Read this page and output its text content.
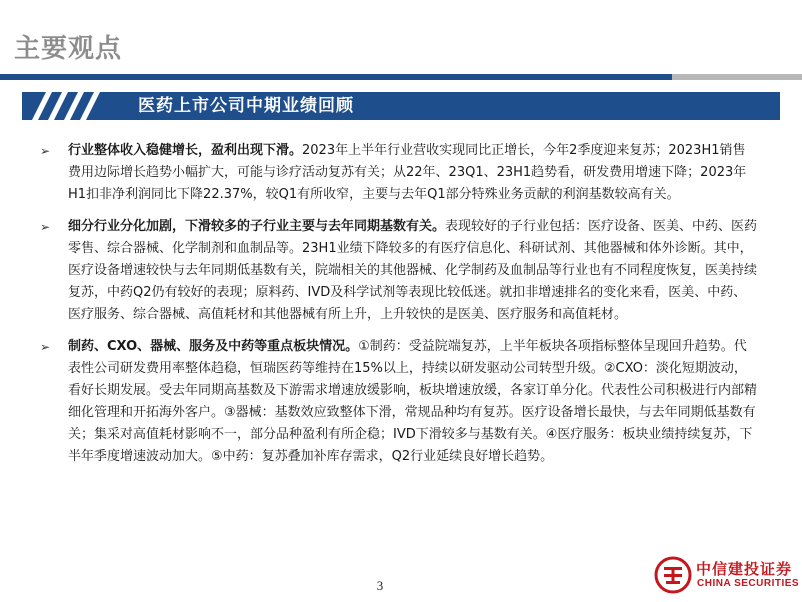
主要观点
医药上市公司中期业绩回顾
➢ 行业整体收入稳健增长，盈利出现下滑。2023年上半年行业营收实现同比正增长，今年2季度迎来复苏；2023H1销售费用边际增长趋势小幅扩大，可能与诊疗活动复苏有关；从22年、23Q1、23H1趋势看，研发费用增速下降；2023年H1扣非净利润同比下降22.37%，较Q1有所收窄，主要与去年Q1部分特殊业务贡献的利润基数较高有关。
➢ 细分行业分化加剧，下滑较多的子行业主要与去年同期基数有关。表现较好的子行业包括：医疗设备、医美、中药、医药零售、综合器械、化学制剂和血制品等。23H1业绩下降较多的有医疗信息化、科研试剂、其他器械和体外诊断。其中，医疗设备增速较快与去年同期低基数有关，院端相关的其他器械、化学制药及血制品等行业也有不同程度恢复，医美持续复苏，中药Q2仍有较好的表现；原料药、IVD及科学试剂等表现比较低迷。就扣非增速排名的变化来看，医美、中药、医疗服务、综合器械、高值耗材和其他器械有所上升，上升较快的是医美、医疗服务和高值耗材。
➢ 制药、CXO、器械、服务及中药等重点板块情况。①制药：受益院端复苏，上半年板块各项指标整体呈现回升趋势。代表性公司研发费用率整体趋稳，恒瑞医药等维持在15%以上，持续以研发驱动公司转型升级。②CXO：淡化短期波动，看好长期发展。受去年同期高基数及下游需求增速放缓影响，板块增速放缓，各家订单分化。代表性公司积极进行内部精细化管理和开拓海外客户。③器械：基数效应致整体下滑，常规品种均有复苏。医疗设备增长最快，与去年同期低基数有关；集采对高值耗材影响不一，部分品种盈利有所企稳；IVD下滑较多与基数有关。④医疗服务：板块业绩持续复苏，下半年季度增速波动加大。⑤中药：复苏叠加补库存需求，Q2行业延续良好增长趋势。
3
中信建投证券
CHINA SECURITIES
